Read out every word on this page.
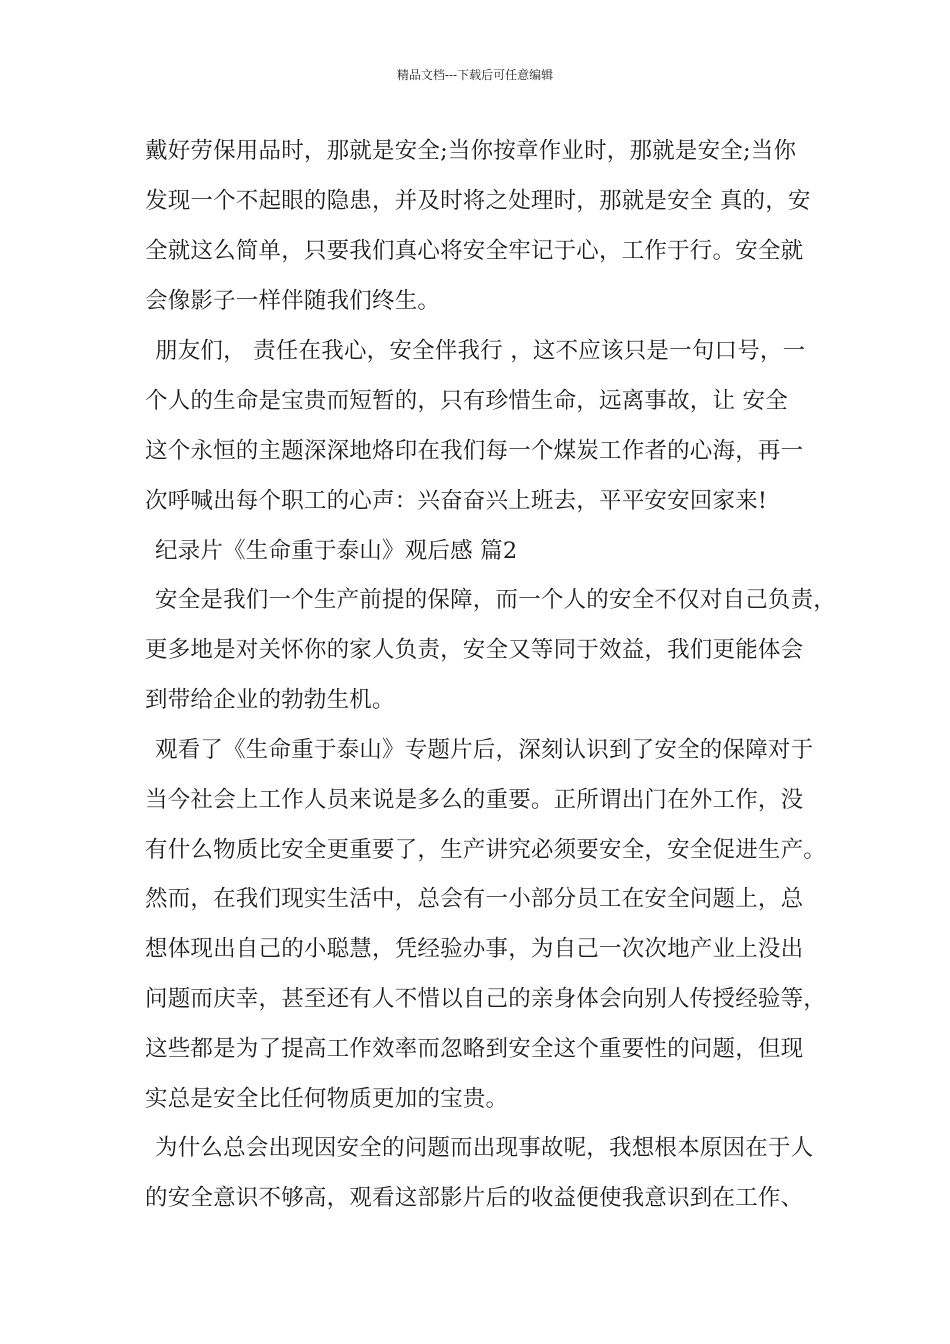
精品文档---下载后可任意编辑
戴好劳保用品时，那就是安全;当你按章作业时，那就是安全;当你
发现一个不起眼的隐患，并及时将之处理时，那就是安全 真的，安
全就这么简单，只要我们真心将安全牢记于心，工作于行。安全就
会像影子一样伴随我们终生。
朋友们， 责任在我心，安全伴我行 ，这不应该只是一句口号，一
个人的生命是宝贵而短暂的，只有珍惜生命，远离事故，让 安全
这个永恒的主题深深地烙印在我们每一个煤炭工作者的心海，再一
次呼喊出每个职工的心声：兴奋奋兴上班去，平平安安回家来!
纪录片《生命重于泰山》观后感 篇2
安全是我们一个生产前提的保障，而一个人的安全不仅对自己负责，
更多地是对关怀你的家人负责，安全又等同于效益，我们更能体会
到带给企业的勃勃生机。
观看了《生命重于泰山》专题片后，深刻认识到了安全的保障对于
当今社会上工作人员来说是多么的重要。正所谓出门在外工作，没
有什么物质比安全更重要了，生产讲究必须要安全，安全促进生产。
然而，在我们现实生活中，总会有一小部分员工在安全问题上，总
想体现出自己的小聪慧，凭经验办事，为自己一次次地产业上没出
问题而庆幸，甚至还有人不惜以自己的亲身体会向别人传授经验等，
这些都是为了提高工作效率而忽略到安全这个重要性的问题，但现
实总是安全比任何物质更加的宝贵。
为什么总会出现因安全的问题而出现事故呢，我想根本原因在于人
的安全意识不够高，观看这部影片后的收益便使我意识到在工作、
